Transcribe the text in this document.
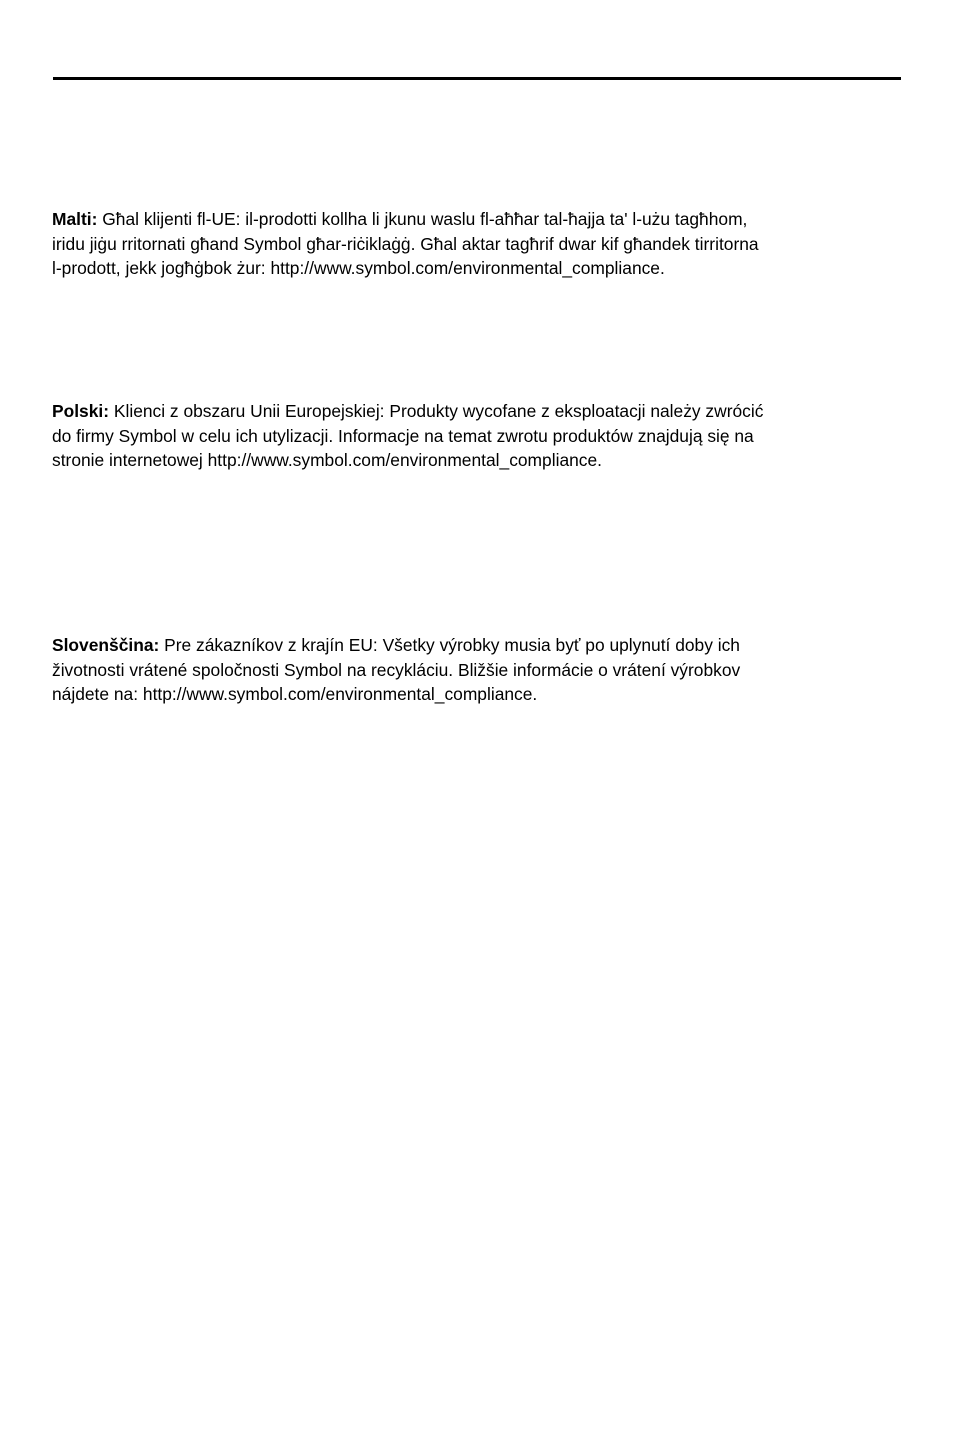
Malti: Għal klijenti fl-UE: il-prodotti kollha li jkunu waslu fl-aħħar tal-ħajja ta' l-użu tagħhom,

iridu jiġu rritornati għand Symbol għar-riċiklaġġ. Għal aktar tagħrif dwar kif għandek tirritorna

l-prodott, jekk jogħġbok żur: http://www.symbol.com/environmental_compliance.

Polski: Klienci z obszaru Unii Europejskiej: Produkty wycofane z eksploatacji należy zwrócić

do firmy Symbol w celu ich utylizacji. Informacje na temat zwrotu produktów znajdują się na

stronie internetowej http://www.symbol.com/environmental_compliance.

Slovenščina: Pre zákazníkov z krajín EU: Všetky výrobky musia byť po uplynutí doby ich

životnosti vrátené spoločnosti Symbol na recykláciu. Bližšie informácie o vrátení výrobkov

nájdete na: http://www.symbol.com/environmental_compliance.
